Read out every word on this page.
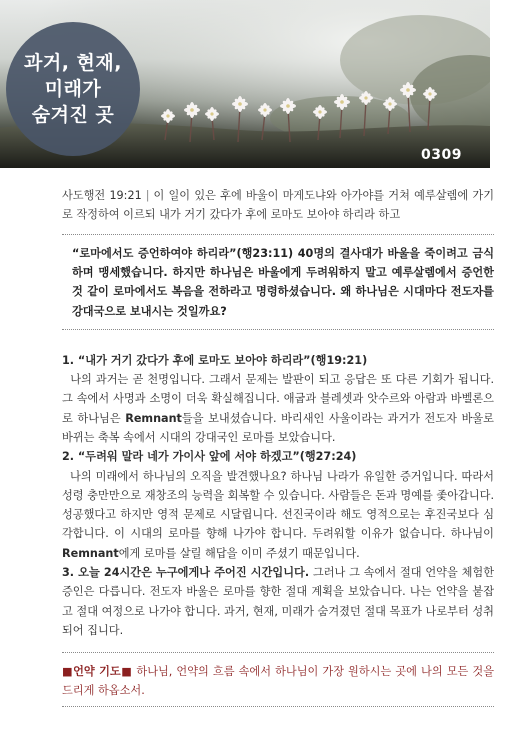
과거, 현재,
미래가
숨겨진 곳
0309
사도행전 19:21 | 이 일이 있은 후에 바울이 마게도냐와 아가야를 거쳐 예루살렘에 가기로 작정하여 이르되 내가 거기 갔다가 후에 로마도 보아야 하리라 하고
“로마에서도 증언하여야 하리라”(행23:11) 40명의 결사대가 바울을 죽이려고 금식하며 맹세했습니다. 하지만 하나님은 바울에게 두려워하지 말고 예루살렘에서 증언한 것 같이 로마에서도 복음을 전하라고 명령하셨습니다. 왜 하나님은 시대마다 전도자를 강대국으로 보내시는 것일까요?

1. “내가 거기 갔다가 후에 로마도 보아야 하리라”(행19:21)
나의 과거는 곧 천명입니다. 그래서 문제는 발판이 되고 응답은 또 다른 기회가 됩니다. 그 속에서 사명과 소명이 더욱 확실해집니다. 애굽과 블레셋과 앗수르와 아람과 바벨론으로 하나님은 Remnant들을 보내셨습니다. 바리새인 사울이라는 과거가 전도자 바울로 바뀌는 축복 속에서 시대의 강대국인 로마를 보았습니다.

2. “두려워 말라 네가 가이사 앞에 서야 하겠고”(행27:24)
나의 미래에서 하나님의 오직을 발견했나요? 하나님 나라가 유일한 증거입니다. 따라서 성령 충만만으로 재창조의 능력을 회복할 수 있습니다. 사람들은 돈과 명예를 좇아갑니다. 성공했다고 하지만 영적 문제로 시달립니다. 선진국이라 해도 영적으로는 후진국보다 심각합니다. 이 시대의 로마를 향해 나가야 합니다. 두려워할 이유가 없습니다. 하나님이 Remnant에게 로마를 살릴 해답을 이미 주셨기 때문입니다.

3. 오늘 24시간은 누구에게나 주어진 시간입니다. 그러나 그 속에서 절대 언약을 체험한 증인은 다릅니다. 전도자 바울은 로마를 향한 절대 계획을 보았습니다. 나는 언약을 붙잡고 절대 여정으로 나가야 합니다. 과거, 현재, 미래가 숨겨졌던 절대 목표가 나로부터 성취되어 집니다.

■언약 기도■ 하나님, 언약의 흐름 속에서 하나님이 가장 원하시는 곳에 나의 모든 것을 드리게 하옵소서.
